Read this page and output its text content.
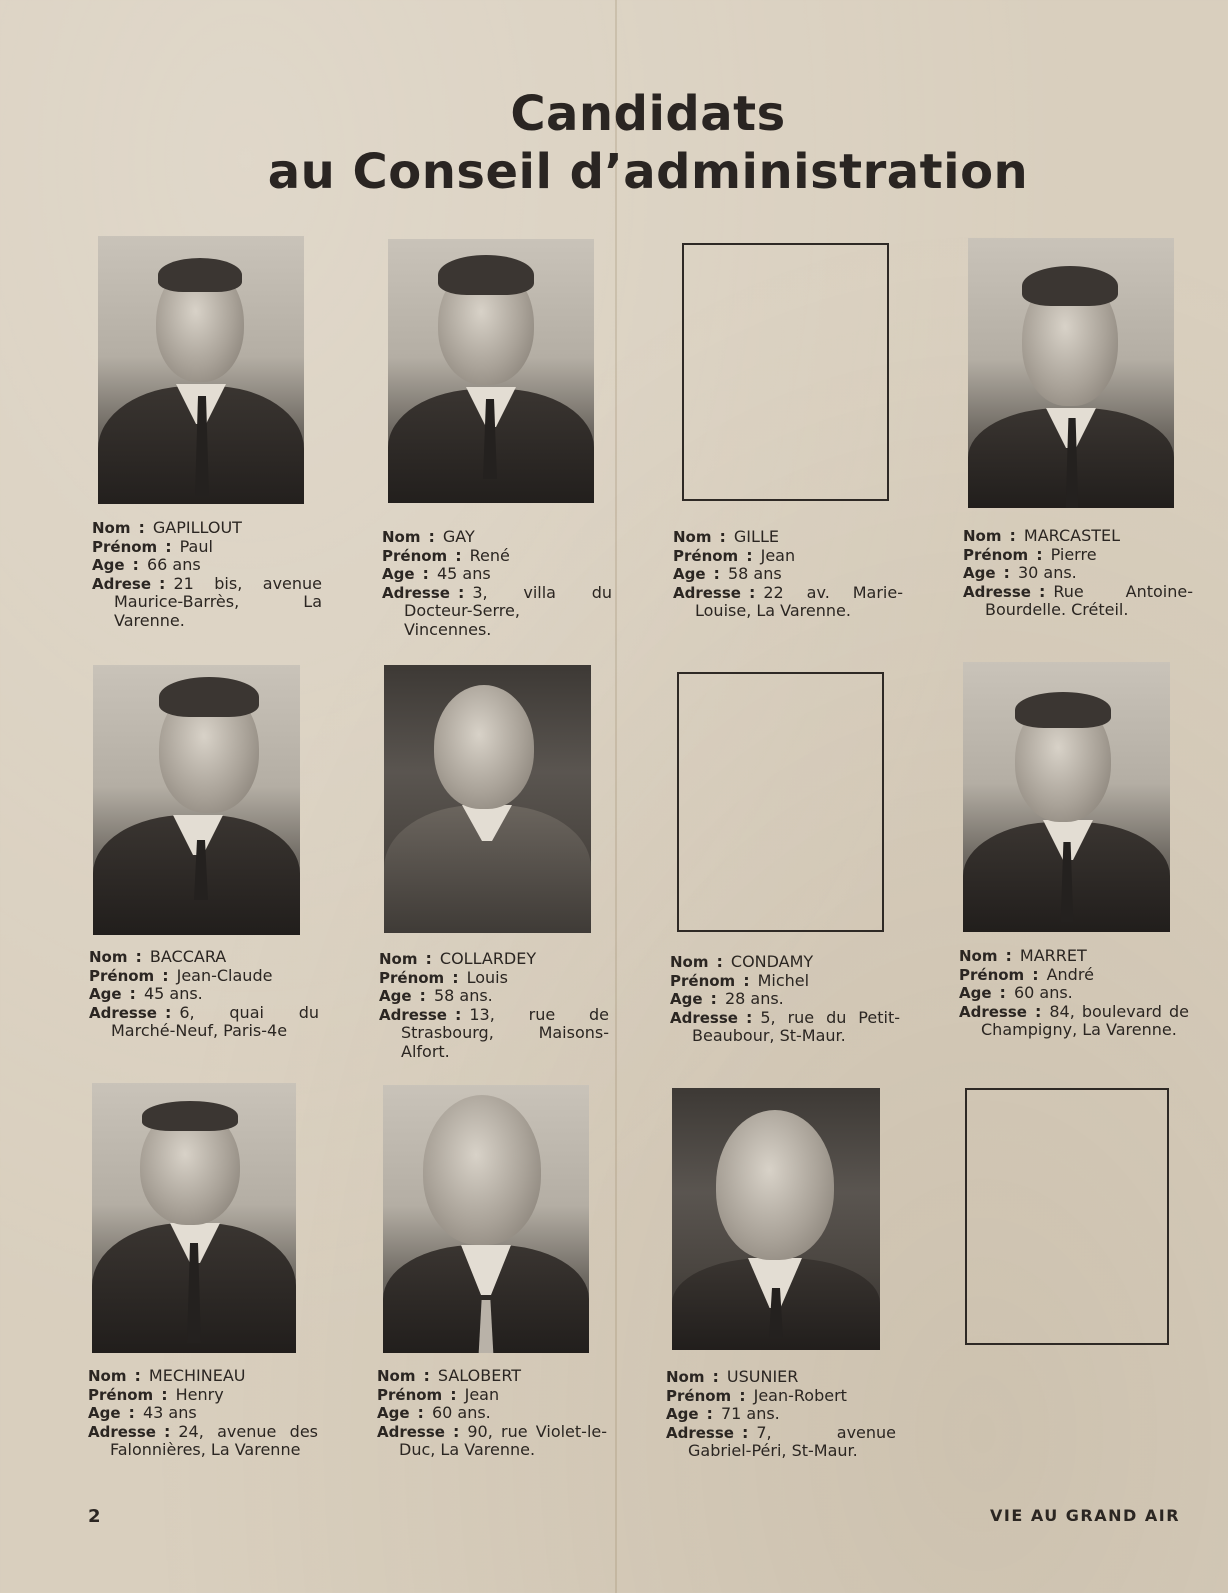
Candidats
au Conseil d’administration
Nom : GAPILLOUT
Prénom : Paul
Age : 66 ans
Adrese : 21 bis, avenue Maurice-Barrès, La Varenne.
Nom : GAY
Prénom : René
Age : 45 ans
Adresse : 3, villa du Docteur-Serre, Vincennes.
Nom : GILLE
Prénom : Jean
Age : 58 ans
Adresse : 22 av. Marie-Louise, La Varenne.
Nom : MARCASTEL
Prénom : Pierre
Age : 30 ans.
Adresse : Rue Antoine-Bourdelle. Créteil.
Nom : BACCARA
Prénom : Jean-Claude
Age : 45 ans.
Adresse : 6, quai du Marché-Neuf, Paris-4e
Nom : COLLARDEY
Prénom : Louis
Age : 58 ans.
Adresse : 13, rue de Strasbourg, Maisons-Alfort.
Nom : CONDAMY
Prénom : Michel
Age : 28 ans.
Adresse : 5, rue du Petit-Beaubour, St-Maur.
Nom : MARRET
Prénom : André
Age : 60 ans.
Adresse : 84, boulevard de Champigny, La Varenne.
Nom : MECHINEAU
Prénom : Henry
Age : 43 ans
Adresse : 24, avenue des Falonnières, La Varenne
Nom : SALOBERT
Prénom : Jean
Age : 60 ans.
Adresse : 90, rue Violet-le-Duc, La Varenne.
Nom : USUNIER
Prénom : Jean-Robert
Age : 71 ans.
Adresse : 7, avenue Gabriel-Péri, St-Maur.
2	VIE AU GRAND AIR
